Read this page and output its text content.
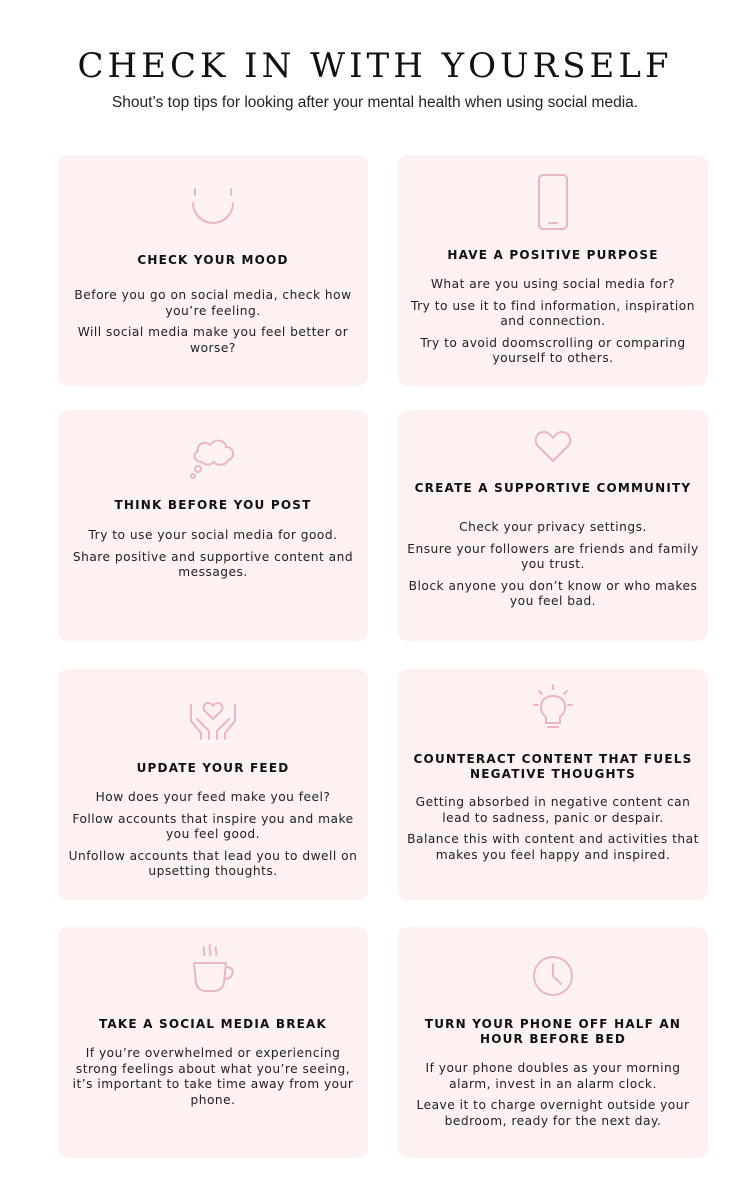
CHECK IN WITH YOURSELF

Shout’s top tips for looking after your mental health when using social media.

CHECK YOUR MOOD

Before you go on social media, check how you’re feeling.

Will social media make you feel better or worse?

HAVE A POSITIVE PURPOSE

What are you using social media for?

Try to use it to find information, inspiration and connection.

Try to avoid doomscrolling or comparing yourself to others.

THINK BEFORE YOU POST

Try to use your social media for good.

Share positive and supportive content and messages.

CREATE A SUPPORTIVE COMMUNITY

Check your privacy settings.

Ensure your followers are friends and family you trust.

Block anyone you don’t know or who makes you feel bad.

UPDATE YOUR FEED

How does your feed make you feel?

Follow accounts that inspire you and make you feel good.

Unfollow accounts that lead you to dwell on upsetting thoughts.

COUNTERACT CONTENT THAT FUELS NEGATIVE THOUGHTS

Getting absorbed in negative content can lead to sadness, panic or despair.

Balance this with content and activities that makes you feel happy and inspired.

TAKE A SOCIAL MEDIA BREAK

If you’re overwhelmed or experiencing strong feelings about what you’re seeing, it’s important to take time away from your phone.

TURN YOUR PHONE OFF HALF AN HOUR BEFORE BED

If your phone doubles as your morning alarm, invest in an alarm clock.

Leave it to charge overnight outside your bedroom, ready for the next day.
